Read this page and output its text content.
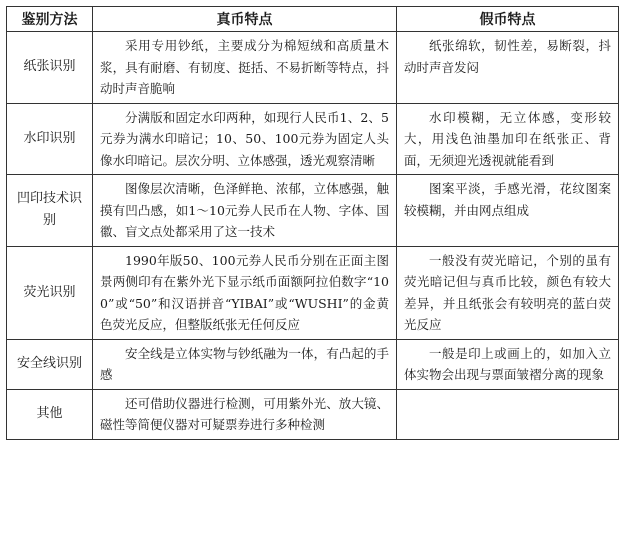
鉴别方法	真币特点	假币特点
纸张识别	采用专用钞纸，主要成分为棉短绒和高质量木浆，具有耐磨、有韧度、挺括、不易折断等特点，抖动时声音脆响	纸张绵软，韧性差，易断裂，抖动时声音发闷
水印识别	分满版和固定水印两种，如现行人民币1、2、5元券为满水印暗记；10、50、100元券为固定人头像水印暗记。层次分明、立体感强，透光观察清晰	水印模糊，无立体感，变形较大，用浅色油墨加印在纸张正、背面，无须迎光透视就能看到
凹印技术识别	图像层次清晰，色泽鲜艳、浓郁，立体感强，触摸有凹凸感，如1～10元券人民币在人物、字体、国徽、盲文点处都采用了这一技术	图案平淡，手感光滑，花纹图案较模糊，并由网点组成
荧光识别	1990年版50、100元券人民币分别在正面主图景两侧印有在紫外光下显示纸币面额阿拉伯数字“100”或“50”和汉语拼音“YIBAI”或“WUSHI”的金黄色荧光反应，但整版纸张无任何反应	一般没有荧光暗记，个别的虽有荧光暗记但与真币比较，颜色有较大差异，并且纸张会有较明亮的蓝白荧光反应
安全线识别	安全线是立体实物与钞纸融为一体，有凸起的手感	一般是印上或画上的，如加入立体实物会出现与票面皱褶分离的现象
其他	还可借助仪器进行检测，可用紫外光、放大镜、磁性等简便仪器对可疑票券进行多种检测	
